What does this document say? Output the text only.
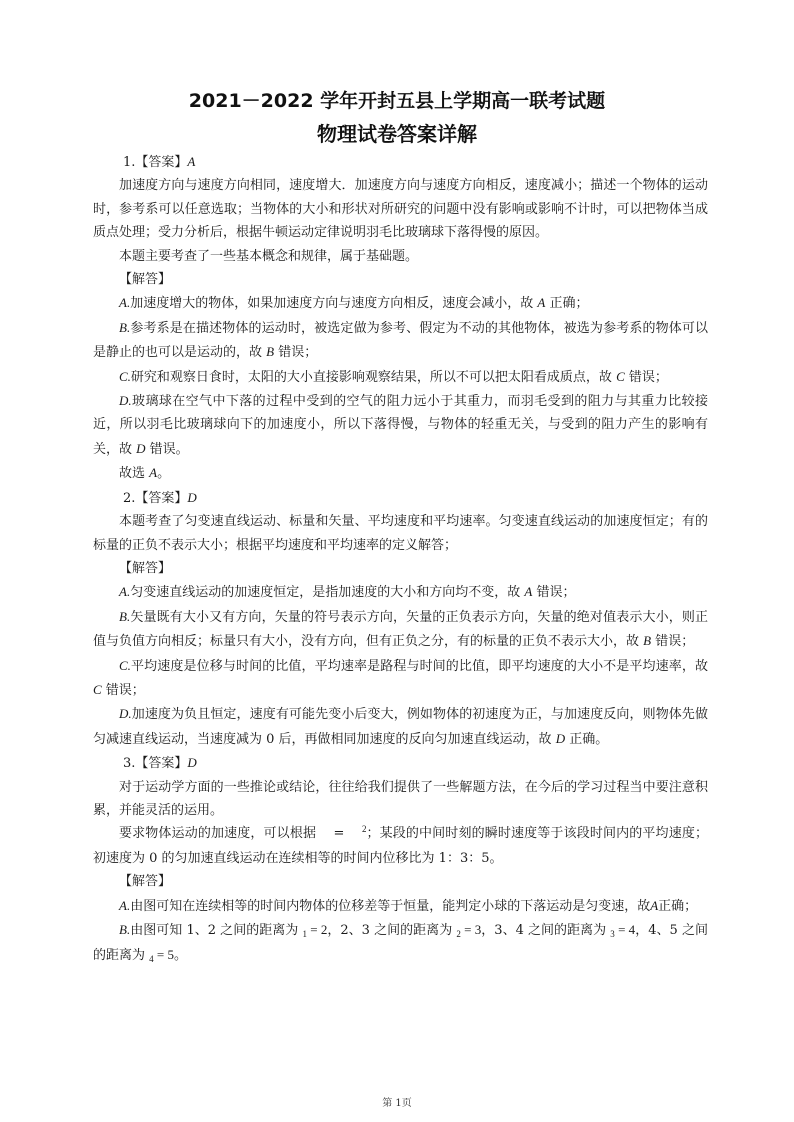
2021－2022 学年开封五县上学期高一联考试题
物理试卷答案详解

1.【答案】A

加速度方向与速度方向相同，速度增大．加速度方向与速度方向相反，速度减小；描述一个物体的运动时，参考系可以任意选取；当物体的大小和形状对所研究的问题中没有影响或影响不计时，可以把物体当成质点处理；受力分析后，根据牛顿运动定律说明羽毛比玻璃球下落得慢的原因。

本题主要考查了一些基本概念和规律，属于基础题。

【解答】

A.加速度增大的物体，如果加速度方向与速度方向相反，速度会减小，故 A 正确；

B.参考系是在描述物体的运动时，被选定做为参考、假定为不动的其他物体，被选为参考系的物体可以是静止的也可以是运动的，故 B 错误；

C.研究和观察日食时，太阳的大小直接影响观察结果，所以不可以把太阳看成质点，故 C 错误；

D.玻璃球在空气中下落的过程中受到的空气的阻力远小于其重力，而羽毛受到的阻力与其重力比较接近，所以羽毛比玻璃球向下的加速度小，所以下落得慢，与物体的轻重无关，与受到的阻力产生的影响有关，故 D 错误。

故选 A。

2.【答案】D

本题考查了匀变速直线运动、标量和矢量、平均速度和平均速率。匀变速直线运动的加速度恒定；有的标量的正负不表示大小；根据平均速度和平均速率的定义解答；

【解答】

A.匀变速直线运动的加速度恒定，是指加速度的大小和方向均不变，故 A 错误；

B.矢量既有大小又有方向，矢量的符号表示方向，矢量的正负表示方向，矢量的绝对值表示大小，则正值与负值方向相反；标量只有大小，没有方向，但有正负之分，有的标量的正负不表示大小，故 B 错误；

C.平均速度是位移与时间的比值，平均速率是路程与时间的比值，即平均速度的大小不是平均速率，故 C 错误；

D.加速度为负且恒定，速度有可能先变小后变大，例如物体的初速度为正，与加速度反向，则物体先做匀减速直线运动，当速度减为 0 后，再做相同加速度的反向匀加速直线运动，故 D 正确。

3.【答案】D

对于运动学方面的一些推论或结论，往往给我们提供了一些解题方法，在今后的学习过程当中要注意积累，并能灵活的运用。

要求物体运动的加速度，可以根据　 =　 $^2$；某段的中间时刻的瞬时速度等于该段时间内的平均速度；初速度为 0 的匀加速直线运动在连续相等的时间内位移比为 1：3：5。

【解答】

A.由图可知在连续相等的时间内物体的位移差等于恒量，能判定小球的下落运动是匀变速，故A正确；

B.由图可知 1、2 之间的距离为 $_1$ = 2，2、3 之间的距离为 $_2$ = 3，3、4 之间的距离为 $_3$ = 4，4、5 之间的距离为 $_4$ = 5。

第 1页
